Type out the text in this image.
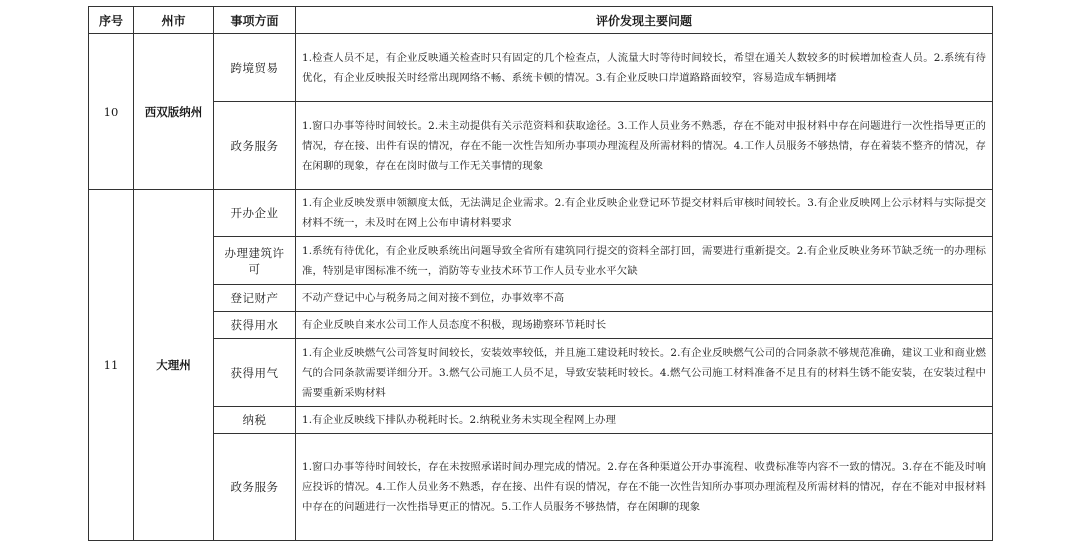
序号	州市	事项方面	评价发现主要问题
10	西双版纳州	跨境贸易	1.检查人员不足，有企业反映通关检查时只有固定的几个检查点，人流量大时等待时间较长，希望在通关人数较多的时候增加检查人员。2.系统有待优化，有企业反映报关时经常出现网络不畅、系统卡顿的情况。3.有企业反映口岸道路路面较窄，容易造成车辆拥堵
		政务服务	1.窗口办事等待时间较长。2.未主动提供有关示范资料和获取途径。3.工作人员业务不熟悉，存在不能对申报材料中存在问题进行一次性指导更正的情况，存在接、出件有误的情况，存在不能一次性告知所办事项办理流程及所需材料的情况。4.工作人员服务不够热情，存在着装不整齐的情况，存在闲聊的现象，存在在岗时做与工作无关事情的现象
11	大理州	开办企业	1.有企业反映发票申领额度太低，无法满足企业需求。2.有企业反映企业登记环节提交材料后审核时间较长。3.有企业反映网上公示材料与实际提交材料不统一，未及时在网上公布申请材料要求
		办理建筑许可	1.系统有待优化，有企业反映系统出问题导致全省所有建筑同行提交的资料全部打回，需要进行重新提交。2.有企业反映业务环节缺乏统一的办理标准，特别是审图标准不统一，消防等专业技术环节工作人员专业水平欠缺
		登记财产	不动产登记中心与税务局之间对接不到位，办事效率不高
		获得用水	有企业反映自来水公司工作人员态度不积极，现场勘察环节耗时长
		获得用气	1.有企业反映燃气公司答复时间较长，安装效率较低，并且施工建设耗时较长。2.有企业反映燃气公司的合同条款不够规范准确，建议工业和商业燃气的合同条款需要详细分开。3.燃气公司施工人员不足，导致安装耗时较长。4.燃气公司施工材料准备不足且有的材料生锈不能安装，在安装过程中需要重新采购材料
		纳税	1.有企业反映线下排队办税耗时长。2.纳税业务未实现全程网上办理
		政务服务	1.窗口办事等待时间较长，存在未按照承诺时间办理完成的情况。2.存在各种渠道公开办事流程、收费标准等内容不一致的情况。3.存在不能及时响应投诉的情况。4.工作人员业务不熟悉，存在接、出件有误的情况，存在不能一次性告知所办事项办理流程及所需材料的情况，存在不能对申报材料中存在的问题进行一次性指导更正的情况。5.工作人员服务不够热情，存在闲聊的现象
